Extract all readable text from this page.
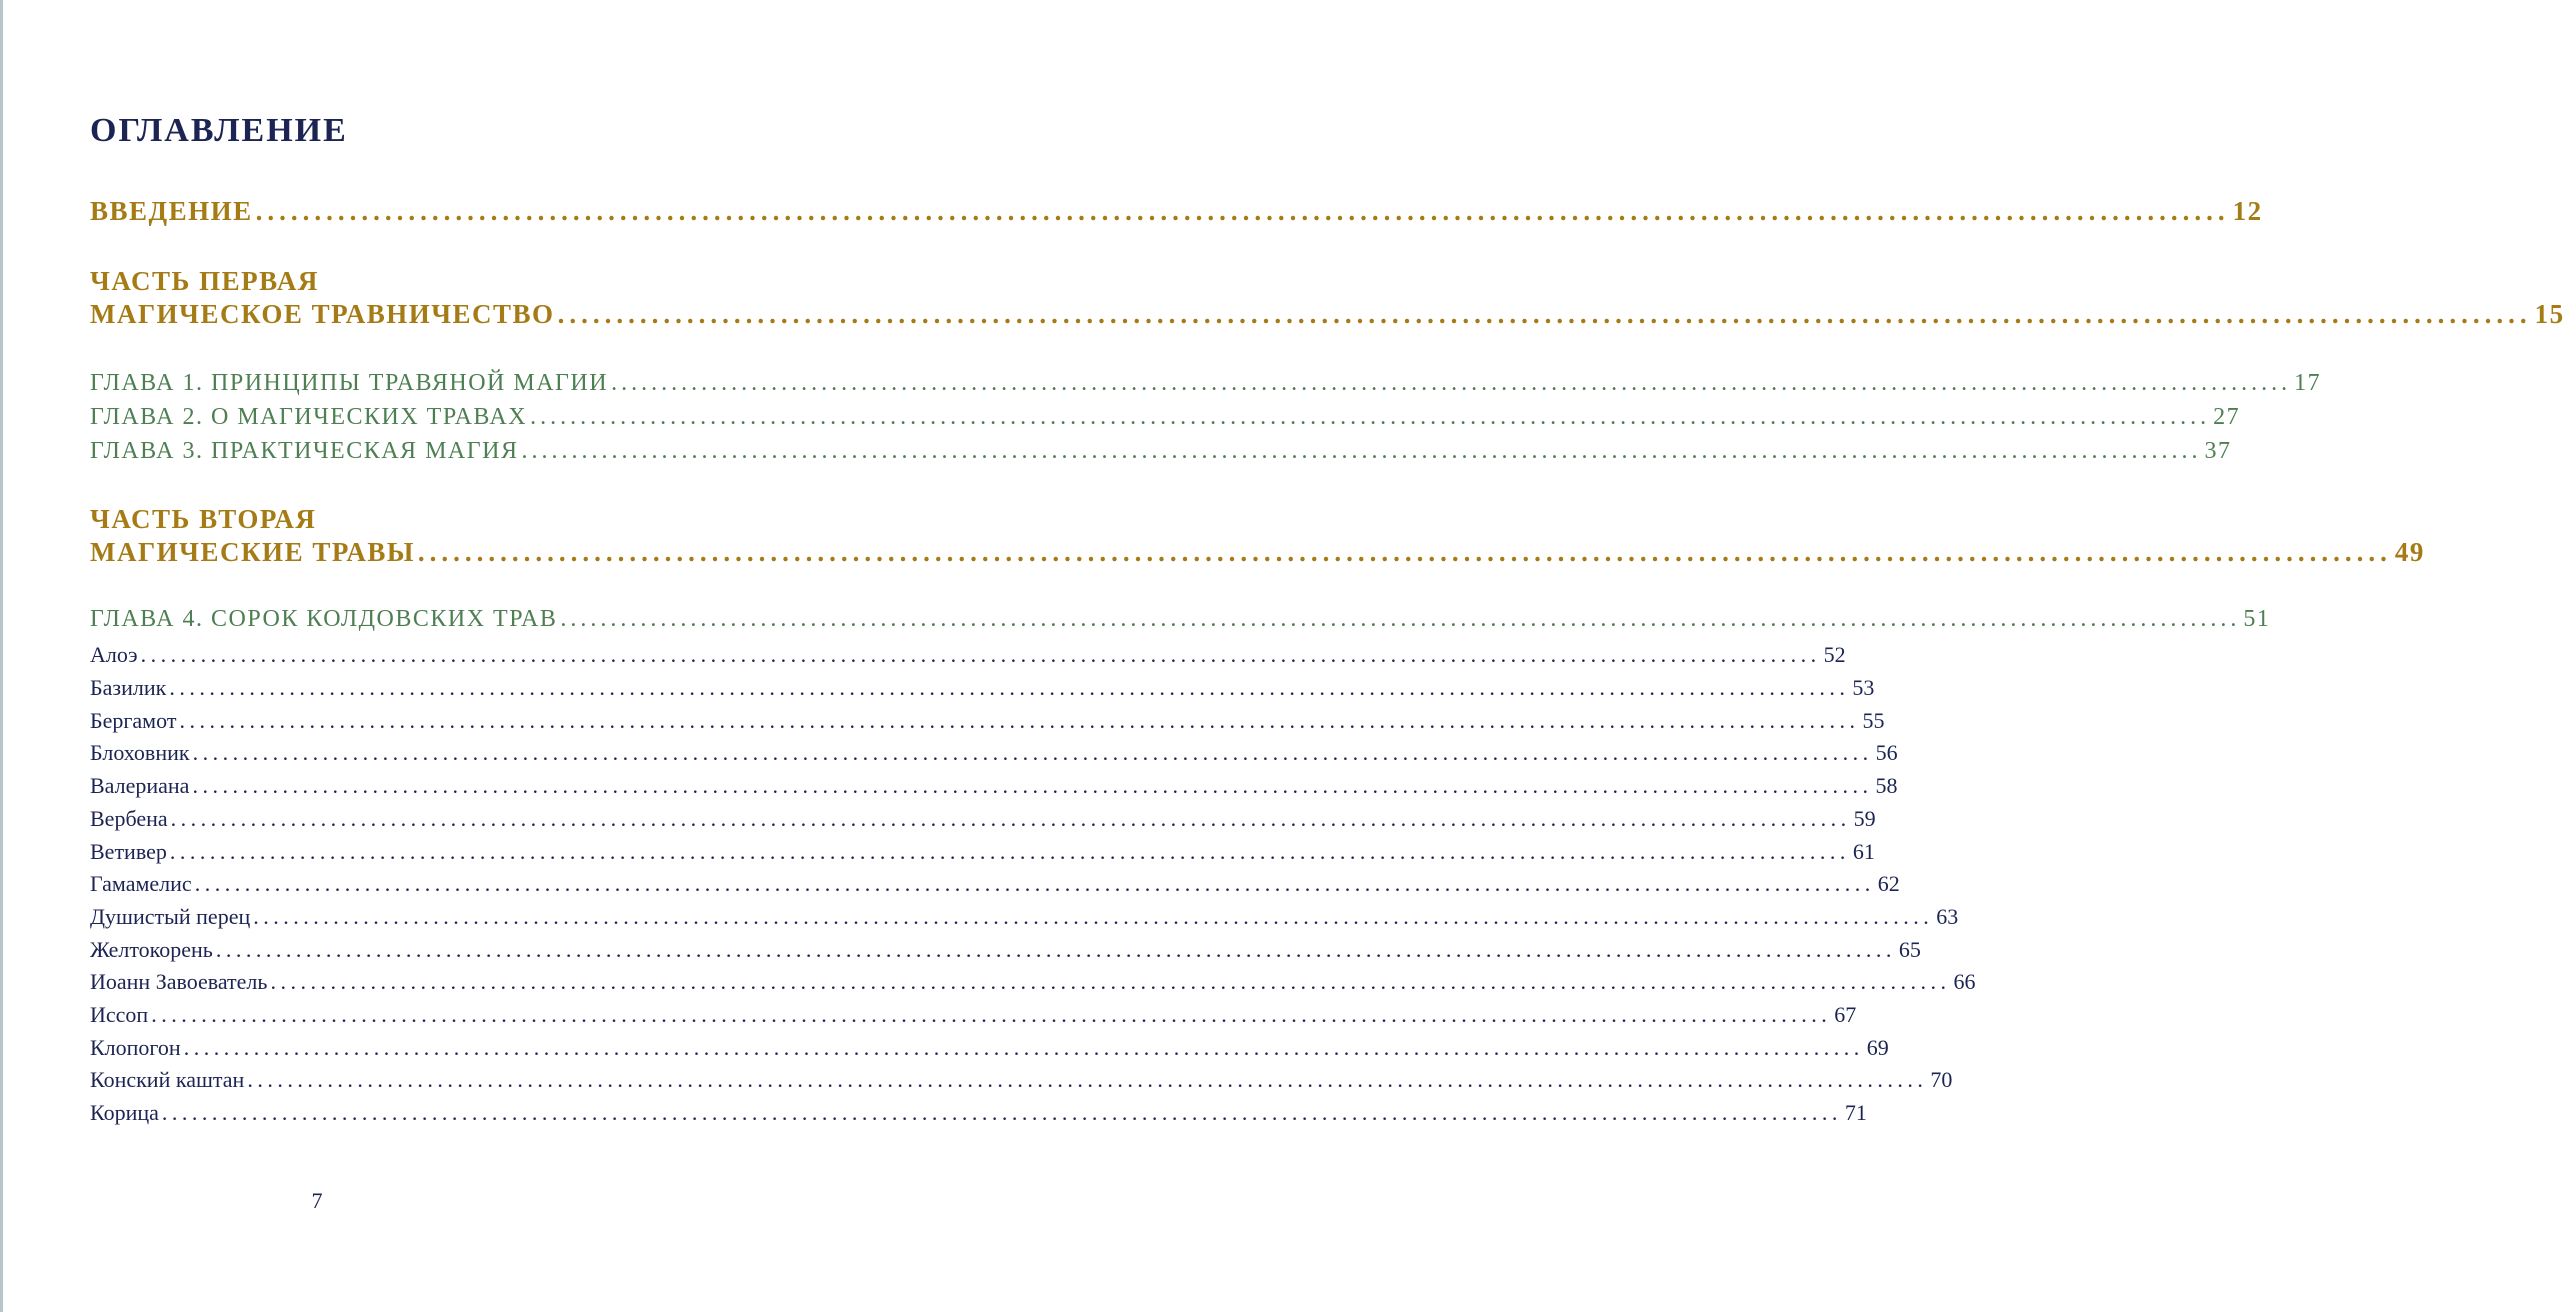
ОГЛАВЛЕНИЕ
ВВЕДЕНИЕ ........................................................................................................................................................................ 12
ЧАСТЬ ПЕРВАЯ
МАГИЧЕСКОЕ ТРАВНИЧЕСТВО ........................................................................................................................................................................ 15
ГЛАВА 1. ПРИНЦИПЫ ТРАВЯНОЙ МАГИИ ........................................................................................................................................................................ 17
ГЛАВА 2. О МАГИЧЕСКИХ ТРАВАХ ........................................................................................................................................................................ 27
ГЛАВА 3. ПРАКТИЧЕСКАЯ МАГИЯ ........................................................................................................................................................................ 37
ЧАСТЬ ВТОРАЯ
МАГИЧЕСКИЕ ТРАВЫ ........................................................................................................................................................................ 49
ГЛАВА 4. СОРОК КОЛДОВСКИХ ТРАВ ........................................................................................................................................................................ 51
Алоэ ........................................................................................................................................................................ 52
Базилик ........................................................................................................................................................................ 53
Бергамот ........................................................................................................................................................................ 55
Блоховник ........................................................................................................................................................................ 56
Валериана ........................................................................................................................................................................ 58
Вербена ........................................................................................................................................................................ 59
Ветивер ........................................................................................................................................................................ 61
Гамамелис ........................................................................................................................................................................ 62
Душистый перец ........................................................................................................................................................................ 63
Желтокорень ........................................................................................................................................................................ 65
Иоанн Завоеватель ........................................................................................................................................................................ 66
Иссоп ........................................................................................................................................................................ 67
Клопогон ........................................................................................................................................................................ 69
Конский каштан ........................................................................................................................................................................ 70
Корица ........................................................................................................................................................................ 71
7
